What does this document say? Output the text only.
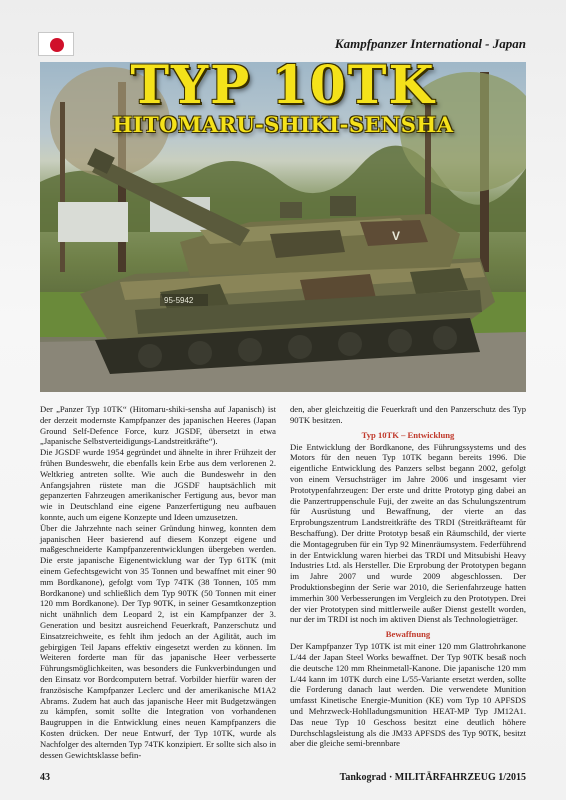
Kampfpanzer International - Japan
95-5942
V
TYP 10TK
HITOMARU-SHIKI-SENSHA

Der „Panzer Typ 10TK“ (Hitomaru-shiki-sensha auf Japanisch) ist der derzeit modernste Kampfpanzer des japanischen Heeres (Japan Ground Self-Defence Force, kurz JGSDF, übersetzt in etwa „Japanische Selbstverteidigungs-Landstreitkräfte“).

Die JGSDF wurde 1954 gegründet und ähnelte in ihrer Frühzeit der frühen Bundeswehr, die ebenfalls kein Erbe aus dem verlorenen 2. Weltkrieg antreten sollte. Wie auch die Bundeswehr in den Anfangsjahren rüstete man die JGSDF hauptsächlich mit gepanzerten Fahrzeugen amerikanischer Fertigung aus, bevor man wie in Deutschland eine eigene Panzerfertigung neu aufbauen konnte, auch um eigene Konzepte und Ideen umzusetzen.

Über die Jahrzehnte nach seiner Gründung hinweg, konnten dem japanischen Heer basierend auf diesem Konzept eigene und maßgeschneiderte Kampfpanzerentwicklungen übergeben werden. Die erste japanische Eigenentwicklung war der Typ 61TK (mit einem Gefechtsgewicht von 35 Tonnen und bewaffnet mit einer 90 mm Bordkanone), gefolgt vom Typ 74TK (38 Tonnen, 105 mm Bordkanone) und schließlich dem Typ 90TK (50 Tonnen mit einer 120 mm Bordkanone). Der Typ 90TK, in seiner Gesamtkonzeption nicht unähnlich dem Leopard 2, ist ein Kampfpanzer der 3. Generation und besitzt ausreichend Feuerkraft, Panzerschutz und Einsatzreichweite, es fehlt ihm jedoch an der Agilität, auch im gebirgigen Teil Japans effektiv eingesetzt werden zu können. Im Weiteren forderte man für das japanische Heer verbesserte Führungsmöglichkeiten, was besonders die Funkverbindungen und den Einsatz vor Bordcomputern betraf. Vorbilder hierfür waren der französische Kampfpanzer Leclerc und der amerikanische M1A2 Abrams. Zudem hat auch das japanische Heer mit Budgetzwängen zu kämpfen, somit sollte die Integration von vorhandenen Baugruppen in die Entwicklung eines neuen Kampfpanzers die Kosten drücken. Der neue Entwurf, der Typ 10TK, wurde als Nachfolger des alternden Typ 74TK konzipiert. Er sollte sich also in dessen Gewichtsklasse befin-

den, aber gleichzeitig die Feuerkraft und den Panzerschutz des Typ 90TK besitzen.

Typ 10TK – Entwicklung

Die Entwicklung der Bordkanone, des Führungssystems und des Motors für den neuen Typ 10TK begann bereits 1996. Die eigentliche Entwicklung des Panzers selbst begann 2002, gefolgt von einem Versuchsträger im Jahre 2006 und insgesamt vier Prototypenfahrzeugen: Der erste und dritte Prototyp ging dabei an die Panzertruppenschule Fuji, der zweite an das Schulungszentrum für Ausrüstung und Bewaffnung, der vierte an das Erprobungszentrum Landstreitkräfte des TRDI (Streitkräfteamt für Beschaffung). Der dritte Prototyp besaß ein Räumschild, der vierte die Montagegruben für ein Typ 92 Minenräumsystem. Federführend in der Entwicklung waren hierbei das TRDI und Mitsubishi Heavy Industries Ltd. als Hersteller. Die Erprobung der Prototypen begann im Jahre 2007 und wurde 2009 abgeschlossen. Der Produktionsbeginn der Serie war 2010, die Serienfahrzeuge hatten immerhin 300 Verbesserungen im Vergleich zu den Prototypen. Drei der vier Prototypen sind mittlerweile außer Dienst gestellt worden, nur der im TRDI ist noch im aktiven Dienst als Technologieträger.

Bewaffnung

Der Kampfpanzer Typ 10TK ist mit einer 120 mm Glattrohrkanone L/44 der Japan Steel Works bewaffnet. Der Typ 90TK besaß noch die deutsche 120 mm Rheinmetall-Kanone. Die japanische 120 mm L/44 kann im 10TK durch eine L/55-Variante ersetzt werden, sollte die Forderung danach laut werden. Die verwendete Munition umfasst Kinetische Energie-Munition (KE) vom Typ 10 APFSDS und Mehrzweck-Hohlladungsmunition HEAT-MP Typ JM12A1. Das neue Typ 10 Geschoss besitzt eine deutlich höhere Durchschlagsleistung als die JM33 APFSDS des Typ 90TK, besitzt aber die gleiche semi-brennbare

43	Tankograd · MILITÄRFAHRZEUG 1/2015
